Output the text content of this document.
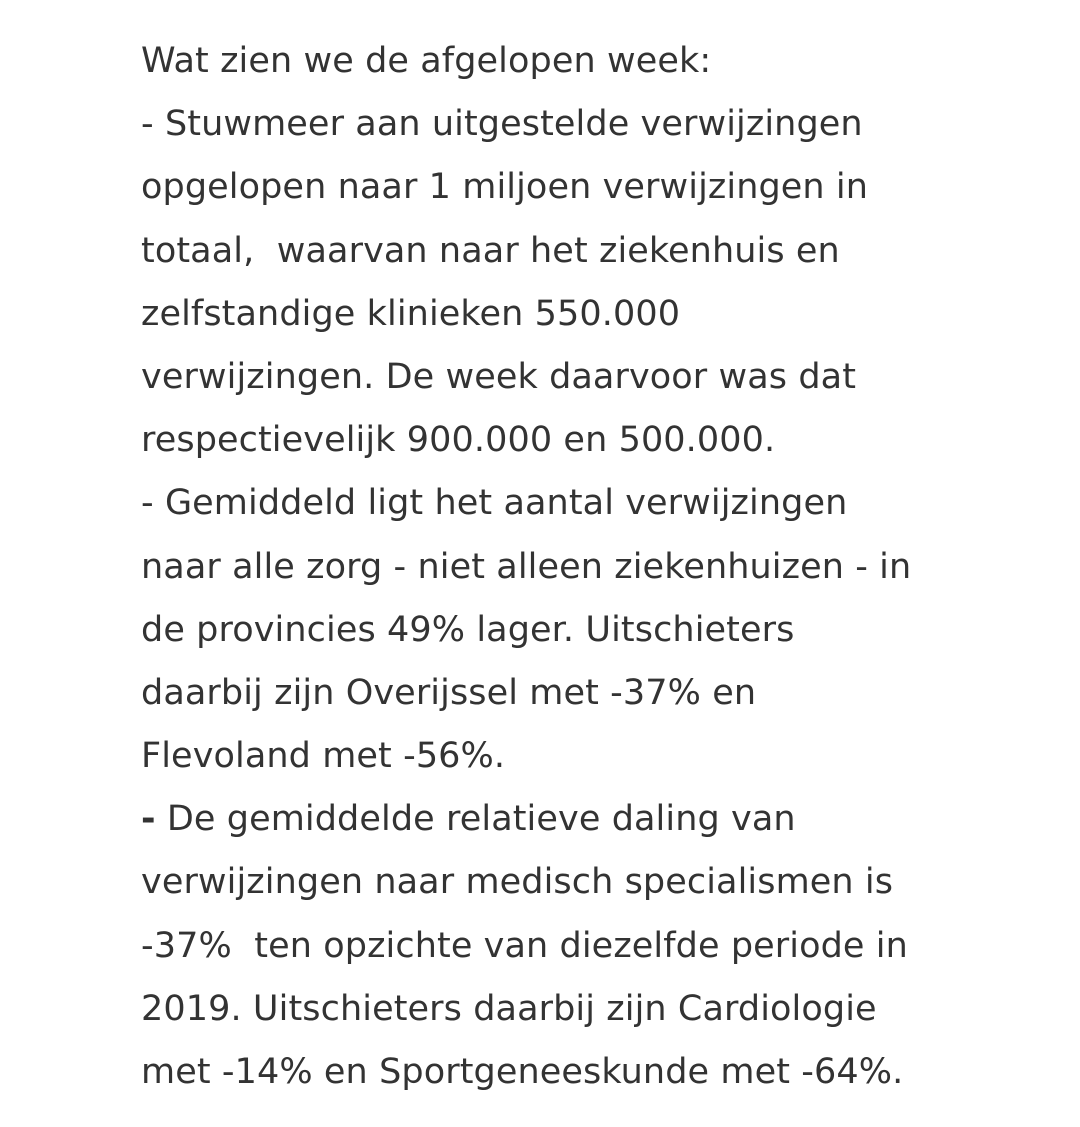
Wat zien we de afgelopen week:
- Stuwmeer aan uitgestelde verwijzingen
opgelopen naar 1 miljoen verwijzingen in
totaal,  waarvan naar het ziekenhuis en
zelfstandige klinieken 550.000
verwijzingen. De week daarvoor was dat
respectievelijk 900.000 en 500.000.
- Gemiddeld ligt het aantal verwijzingen
naar alle zorg - niet alleen ziekenhuizen - in
de provincies 49% lager. Uitschieters
daarbij zijn Overijssel met -37% en
Flevoland met -56%.
- De gemiddelde relatieve daling van
verwijzingen naar medisch specialismen is
-37%  ten opzichte van diezelfde periode in
2019. Uitschieters daarbij zijn Cardiologie
met -14% en Sportgeneeskunde met -64%.
